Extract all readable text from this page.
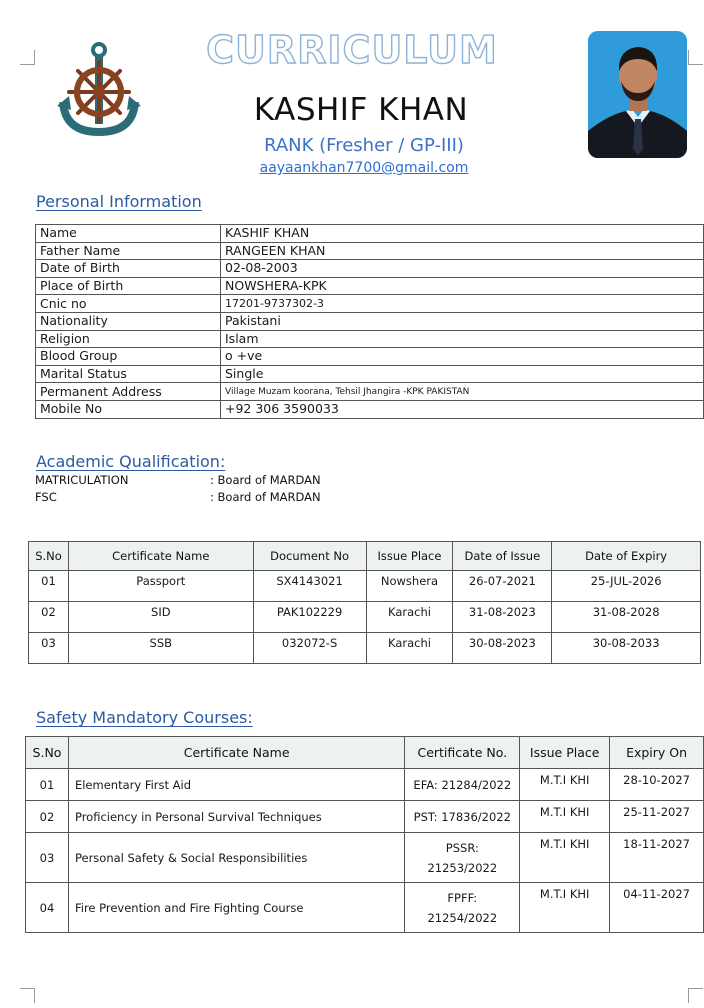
CURRICULUM
KASHIF KHAN
RANK (Fresher / GP-III)
aayaankhan7700@gmail.com
Personal Information
Name	KASHIF KHAN
Father Name	RANGEEN KHAN
Date of Birth	02-08-2003
Place of Birth	NOWSHERA-KPK
Cnic no	17201-9737302-3
Nationality	Pakistani
Religion	Islam
Blood Group	o +ve
Marital Status	Single
Permanent Address	Village Muzam koorana, Tehsil Jhangira -KPK PAKISTAN
Mobile No	+92 306 3590033
Academic Qualification:
MATRICULATION	: Board of MARDAN
FSC	: Board of MARDAN
S.No	Certificate Name	Document No	Issue Place	Date of Issue	Date of Expiry
01	Passport	SX4143021	Nowshera	26-07-2021	25-JUL-2026
02	SID	PAK102229	Karachi	31-08-2023	31-08-2028
03	SSB	032072-S	Karachi	30-08-2023	30-08-2033
Safety Mandatory Courses:
S.No	Certificate Name	Certificate No.	Issue Place	Expiry On
01	Elementary First Aid	EFA: 21284/2022	M.T.I KHI	28-10-2027
02	Proficiency in Personal Survival Techniques	PST: 17836/2022	M.T.I KHI	25-11-2027
03	Personal Safety & Social Responsibilities	PSSR:
21253/2022	M.T.I KHI	18-11-2027
04	Fire Prevention and Fire Fighting Course	FPFF:
21254/2022	M.T.I KHI	04-11-2027
